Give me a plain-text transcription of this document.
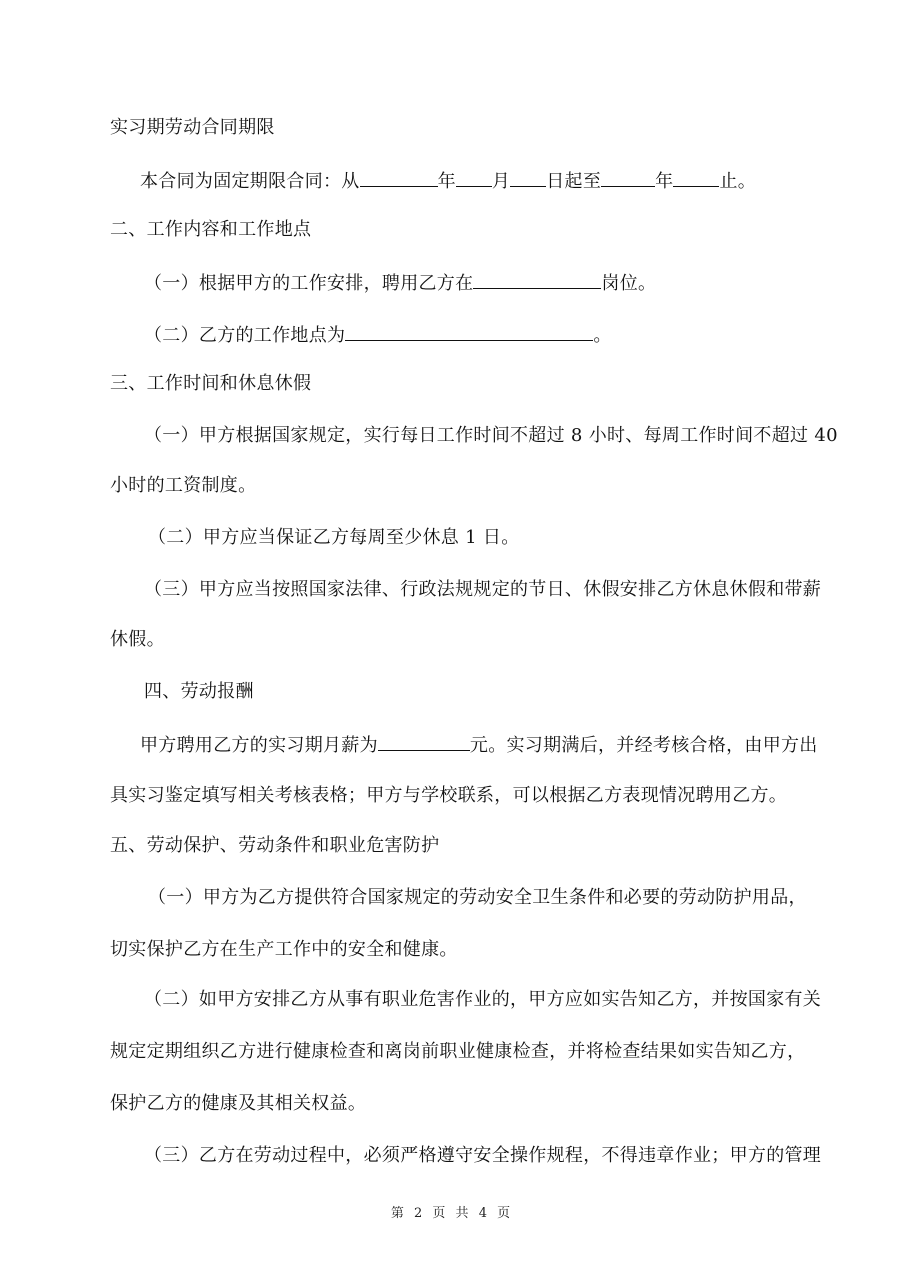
实习期劳动合同期限
本合同为固定期限合同：从	年 月 日起至	年	止。
二、工作内容和工作地点
（一）根据甲方的工作安排，聘用乙方在	岗位。
（二）乙方的工作地点为	。
三、工作时间和休息休假
（一）甲方根据国家规定，实行每日工作时间不超过 8 小时、每周工作时间不超过 40
小时的工资制度。
（二）甲方应当保证乙方每周至少休息 1 日。
（三）甲方应当按照国家法律、行政法规规定的节日、休假安排乙方休息休假和带薪
休假。
四、劳动报酬
甲方聘用乙方的实习期月薪为	元。实习期满后，并经考核合格，由甲方出
具实习鉴定填写相关考核表格；甲方与学校联系，可以根据乙方表现情况聘用乙方。
五、劳动保护、劳动条件和职业危害防护
（一）甲方为乙方提供符合国家规定的劳动安全卫生条件和必要的劳动防护用品，
切实保护乙方在生产工作中的安全和健康。
（二）如甲方安排乙方从事有职业危害作业的，甲方应如实告知乙方，并按国家有关
规定定期组织乙方进行健康检查和离岗前职业健康检查，并将检查结果如实告知乙方，
保护乙方的健康及其相关权益。
（三）乙方在劳动过程中，必须严格遵守安全操作规程，不得违章作业；甲方的管理
第 2 页 共 4 页
